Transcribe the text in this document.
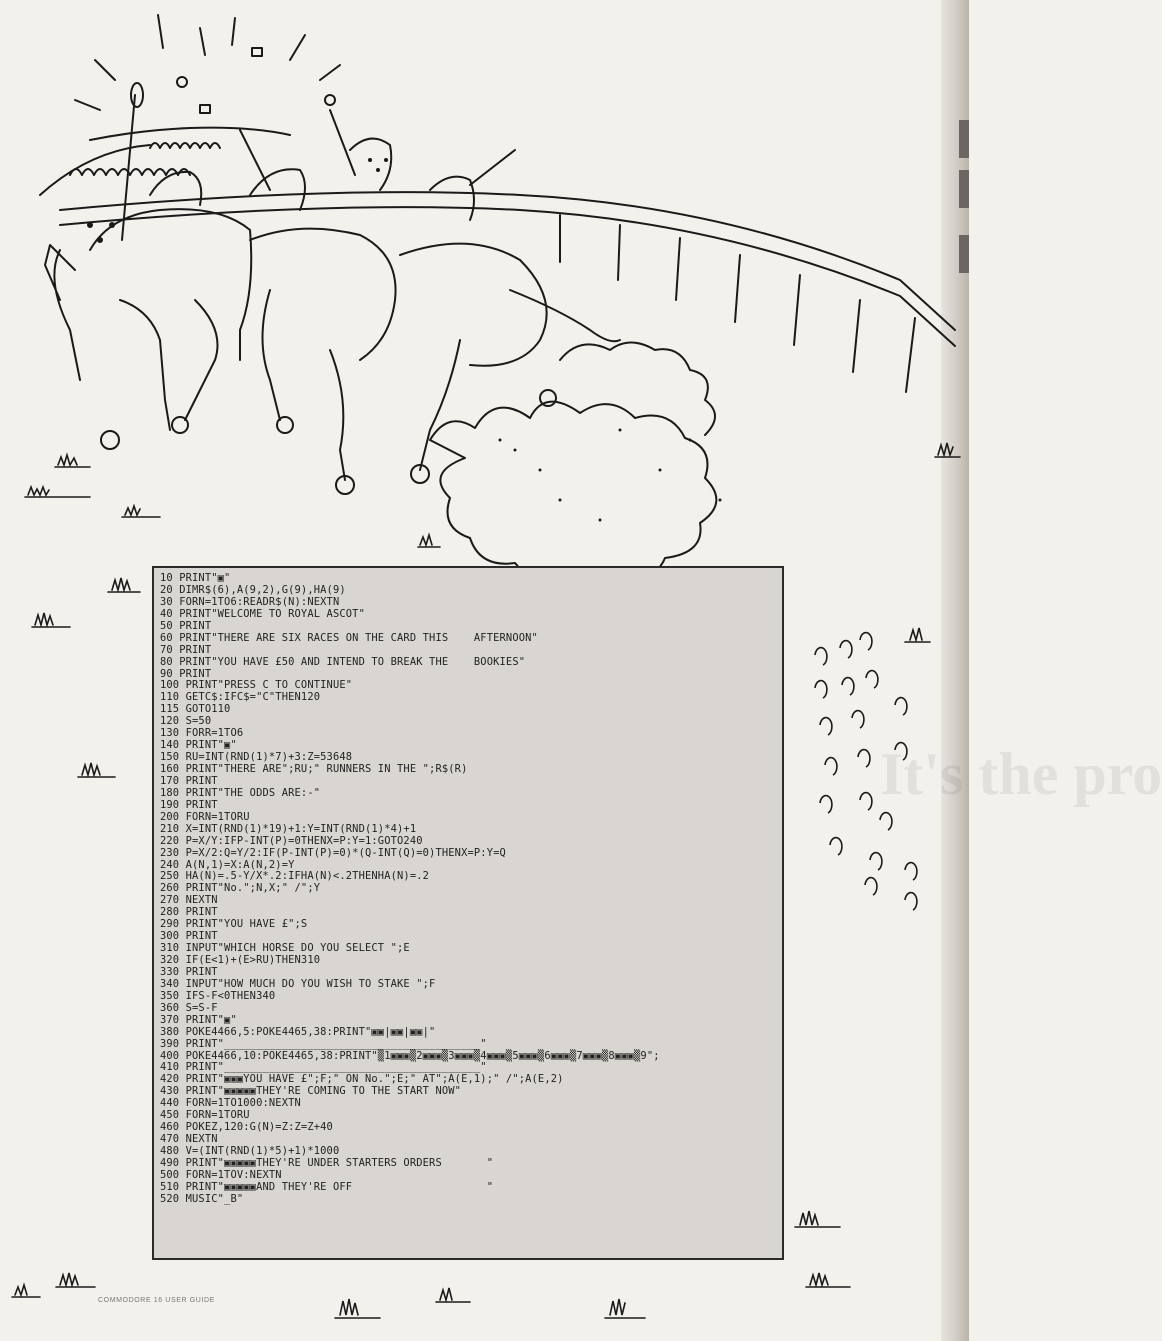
It's the pro
10 PRINT"▣"
20 DIMR$(6),A(9,2),G(9),HA(9)
30 FORN=1TO6:READR$(N):NEXTN
40 PRINT"WELCOME TO ROYAL ASCOT"
50 PRINT
60 PRINT"THERE ARE SIX RACES ON THE CARD THIS    AFTERNOON"
70 PRINT
80 PRINT"YOU HAVE £50 AND INTEND TO BREAK THE    BOOKIES"
90 PRINT
100 PRINT"PRESS C TO CONTINUE"
110 GETC$:IFC$="C"THEN120
115 GOTO110
120 S=50
130 FORR=1TO6
140 PRINT"▣"
150 RU=INT(RND(1)*7)+3:Z=53648
160 PRINT"THERE ARE";RU;" RUNNERS IN THE ";R$(R)
170 PRINT
180 PRINT"THE ODDS ARE:-"
190 PRINT
200 FORN=1TORU
210 X=INT(RND(1)*19)+1:Y=INT(RND(1)*4)+1
220 P=X/Y:IFP-INT(P)=0THENX=P:Y=1:GOTO240
230 P=X/2:Q=Y/2:IF(P-INT(P)=0)*(Q-INT(Q)=0)THENX=P:Y=Q
240 A(N,1)=X:A(N,2)=Y
250 HA(N)=.5-Y/X*.2:IFHA(N)<.2THENHA(N)=.2
260 PRINT"No.";N,X;" /";Y
270 NEXTN
280 PRINT
290 PRINT"YOU HAVE £";S
300 PRINT
310 INPUT"WHICH HORSE DO YOU SELECT ";E
320 IF(E<1)+(E>RU)THEN310
330 PRINT
340 INPUT"HOW MUCH DO YOU WISH TO STAKE ";F
350 IFS-F<0THEN340
360 S=S-F
370 PRINT"▣"
380 POKE4466,5:POKE4465,38:PRINT"▣▣|▣▣|▣▣|"
390 PRINT"________________________________________"
400 POKE4466,10:POKE4465,38:PRINT"▒1▣▣▣▒2▣▣▣▒3▣▣▣▒4▣▣▣▒5▣▣▣▒6▣▣▣▒7▣▣▣▒8▣▣▣▒9";
410 PRINT"________________________________________"
420 PRINT"▣▣▣YOU HAVE £";F;" ON No.";E;" AT";A(E,1);" /";A(E,2)
430 PRINT"▣▣▣▣▣THEY'RE COMING TO THE START NOW"
440 FORN=1TO1000:NEXTN
450 FORN=1TORU
460 POKEZ,120:G(N)=Z:Z=Z+40
470 NEXTN
480 V=(INT(RND(1)*5)+1)*1000
490 PRINT"▣▣▣▣▣THEY'RE UNDER STARTERS ORDERS       "
500 FORN=1TOV:NEXTN
510 PRINT"▣▣▣▣▣AND THEY'RE OFF                     "
520 MUSIC"_B"
COMMODORE 16 USER GUIDE
